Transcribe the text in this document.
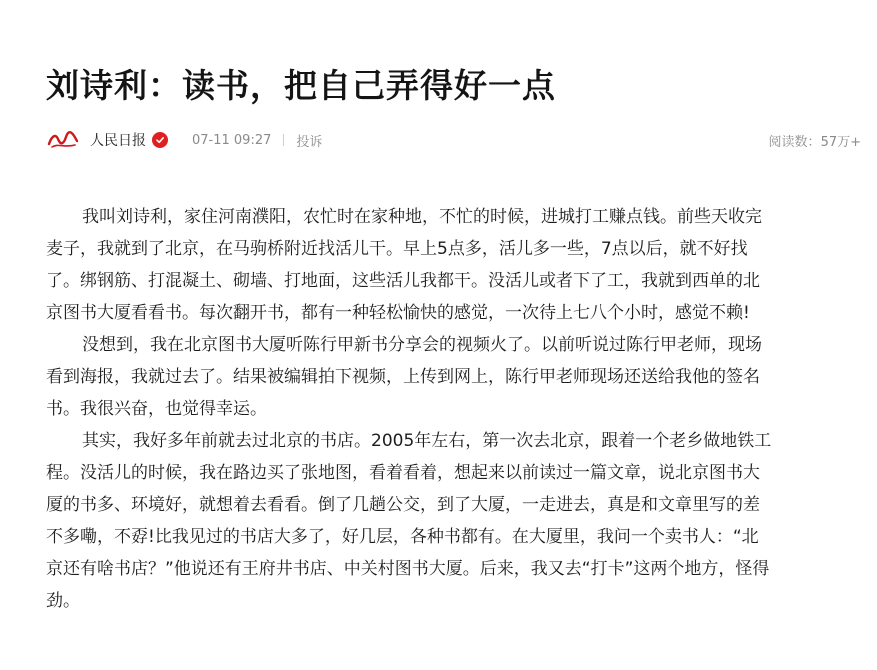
刘诗利：读书，把自己弄得好一点
人民日报	07-11 09:27 投诉	阅读数： 57万+
我叫刘诗利，家住河南濮阳，农忙时在家种地，不忙的时候，进城打工赚点钱。前些天收完
麦子，我就到了北京，在马驹桥附近找活儿干。早上5点多，活儿多一些，7点以后，就不好找
了。绑钢筋、打混凝土、砌墙、打地面，这些活儿我都干。没活儿或者下了工，我就到西单的北
京图书大厦看看书。每次翻开书，都有一种轻松愉快的感觉，一次待上七八个小时，感觉不赖!
没想到，我在北京图书大厦听陈行甲新书分享会的视频火了。以前听说过陈行甲老师，现场
看到海报，我就过去了。结果被编辑拍下视频，上传到网上，陈行甲老师现场还送给我他的签名
书。我很兴奋，也觉得幸运。
其实，我好多年前就去过北京的书店。2005年左右，第一次去北京，跟着一个老乡做地铁工
程。没活儿的时候，我在路边买了张地图，看着看着，想起来以前读过一篇文章，说北京图书大
厦的书多、环境好，就想着去看看。倒了几趟公交，到了大厦，一走进去，真是和文章里写的差
不多嘞，不孬!比我见过的书店大多了，好几层，各种书都有。在大厦里，我问一个卖书人：“北
京还有啥书店？”他说还有王府井书店、中关村图书大厦。后来，我又去“打卡”这两个地方，怪得
劲。
